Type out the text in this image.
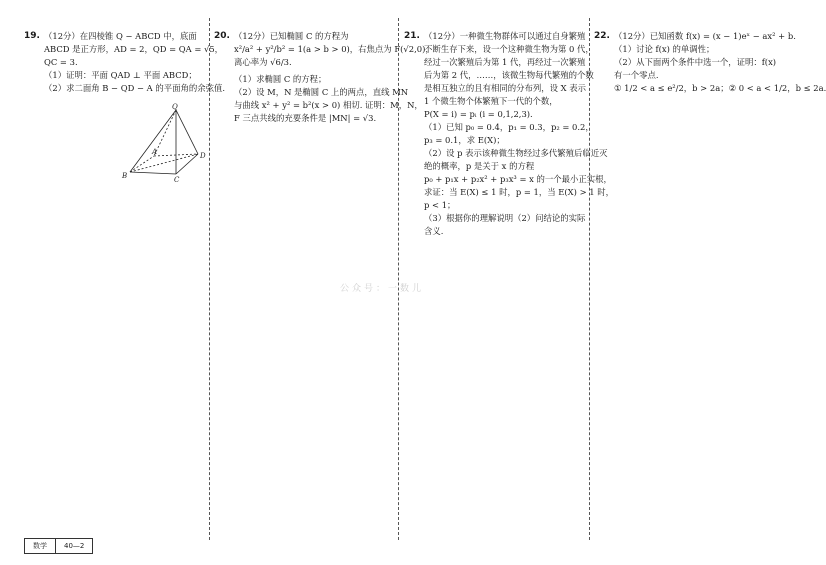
19. （12分）在四棱锥 Q − ABCD 中，底面
ABCD 是正方形，AD = 2，QD = QA = √5，
QC = 3.
（1）证明：平面 QAD ⊥ 平面 ABCD；
（2）求二面角 B − QD − A 的平面角的余弦值.
Q
A
B	C
D
20. （12分）已知椭圆 C 的方程为
x²/a² + y²/b² = 1(a > b > 0)，右焦点为 F(√2,0)，
离心率为 √6/3.
（1）求椭圆 C 的方程；
（2）设 M，N 是椭圆 C 上的两点，直线 MN
与曲线 x² + y² = b²(x > 0) 相切. 证明：M，N，
F 三点共线的充要条件是 |MN| = √3.
21. （12分）一种微生物群体可以通过自身繁殖
不断生存下来，设一个这种微生物为第 0 代，
经过一次繁殖后为第 1 代，再经过一次繁殖
后为第 2 代，……，该微生物每代繁殖的个数
是相互独立的且有相同的分布列，设 X 表示
1 个微生物个体繁殖下一代的个数，
P(X = i) = pᵢ (i = 0,1,2,3).
（1）已知 p₀ = 0.4，p₁ = 0.3，p₂ = 0.2，
p₃ = 0.1，求 E(X)；
（2）设 p 表示该种微生物经过多代繁殖后临近灭
绝的概率，p 是关于 x 的方程
p₀ + p₁x + p₂x² + p₃x³ = x 的一个最小正实根，
求证：当 E(X) ≤ 1 时，p = 1，当 E(X) > 1 时，
p < 1；
（3）根据你的理解说明（2）问结论的实际
含义.
22. （12分）已知函数 f(x) = (x − 1)eˣ − ax² + b.
（1）讨论 f(x) 的单调性；
（2）从下面两个条件中选一个，证明：f(x)
有一个零点.
① 1/2 < a ≤ e²/2，b > 2a；② 0 < a < 1/2，b ≤ 2a.
公众号：一数儿
数学	40—2
